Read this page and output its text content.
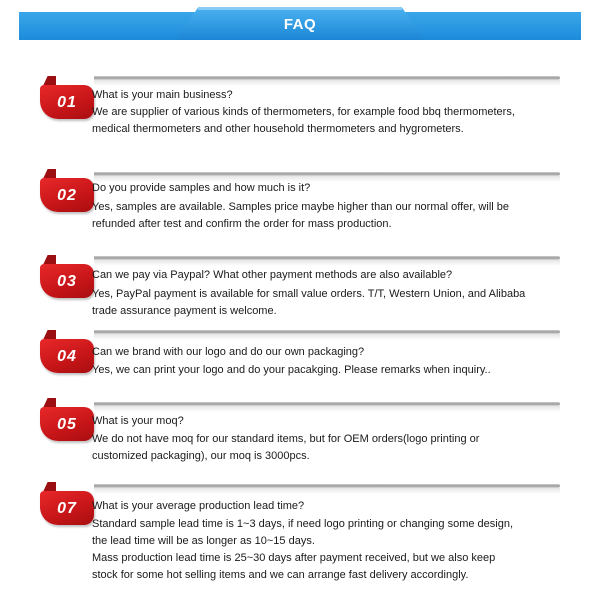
FAQ
01	What is your main business?

We are supplier of various kinds of thermometers, for example food bbq thermometers,

medical thermometers and other household thermometers and hygrometers.

02	Do you provide samples and how much is it?

Yes, samples are available. Samples price maybe higher than our normal offer, will be

refunded after test and confirm the order for mass production.

03	Can we pay via Paypal? What other payment methods are also available?

Yes, PayPal payment is available for small value orders. T/T, Western Union, and Alibaba

trade assurance payment is welcome.

04	Can we brand with our logo and do our own packaging?

Yes, we can print your logo and do your pacakging. Please remarks when inquiry..

05	What is your moq?

We do not have moq for our standard items, but for OEM orders(logo printing or

customized packaging), our moq is 3000pcs.

07	What is your average production lead time?

Standard sample lead time is 1~3 days, if need logo printing or changing some design,

the lead time will be as longer as 10~15 days.

Mass production lead time is 25~30 days after payment received, but we also keep

stock for some hot selling items and we can arrange fast delivery accordingly.
